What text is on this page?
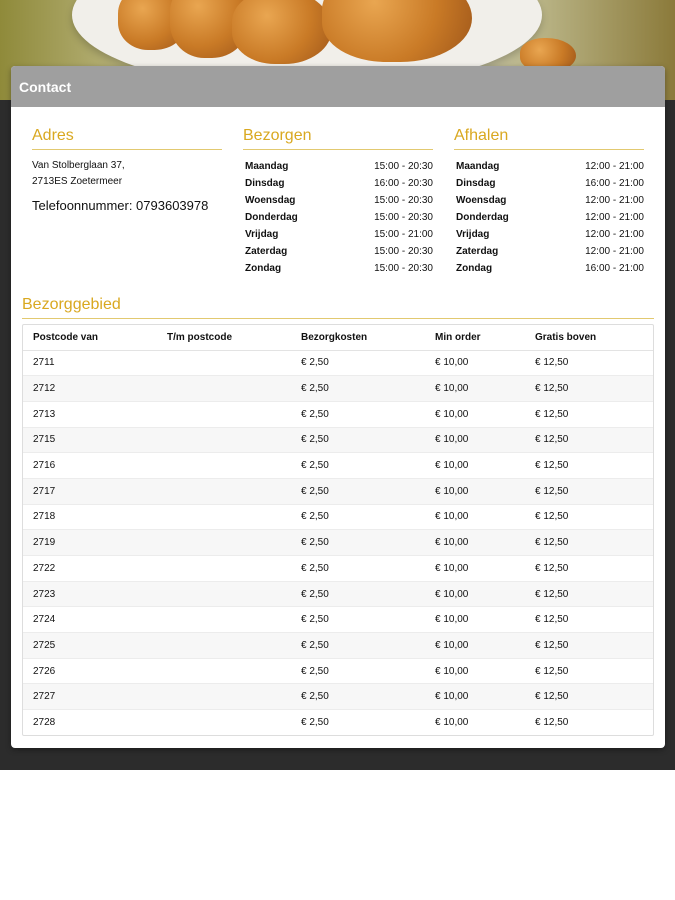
Contact
Adres
Van Stolberglaan 37,
2713ES Zoetermeer
Telefoonnummer: 0793603978
Bezorgen
Maandag	15:00 - 20:30
Dinsdag	16:00 - 20:30
Woensdag	15:00 - 20:30
Donderdag	15:00 - 20:30
Vrijdag	15:00 - 21:00
Zaterdag	15:00 - 20:30
Zondag	15:00 - 20:30
Afhalen
Maandag	12:00 - 21:00
Dinsdag	16:00 - 21:00
Woensdag	12:00 - 21:00
Donderdag	12:00 - 21:00
Vrijdag	12:00 - 21:00
Zaterdag	12:00 - 21:00
Zondag	16:00 - 21:00
Bezorggebied
Postcode van	T/m postcode	Bezorgkosten	Min order	Gratis boven
2711		€ 2,50	€ 10,00	€ 12,50
2712		€ 2,50	€ 10,00	€ 12,50
2713		€ 2,50	€ 10,00	€ 12,50
2715		€ 2,50	€ 10,00	€ 12,50
2716		€ 2,50	€ 10,00	€ 12,50
2717		€ 2,50	€ 10,00	€ 12,50
2718		€ 2,50	€ 10,00	€ 12,50
2719		€ 2,50	€ 10,00	€ 12,50
2722		€ 2,50	€ 10,00	€ 12,50
2723		€ 2,50	€ 10,00	€ 12,50
2724		€ 2,50	€ 10,00	€ 12,50
2725		€ 2,50	€ 10,00	€ 12,50
2726		€ 2,50	€ 10,00	€ 12,50
2727		€ 2,50	€ 10,00	€ 12,50
2728		€ 2,50	€ 10,00	€ 12,50
